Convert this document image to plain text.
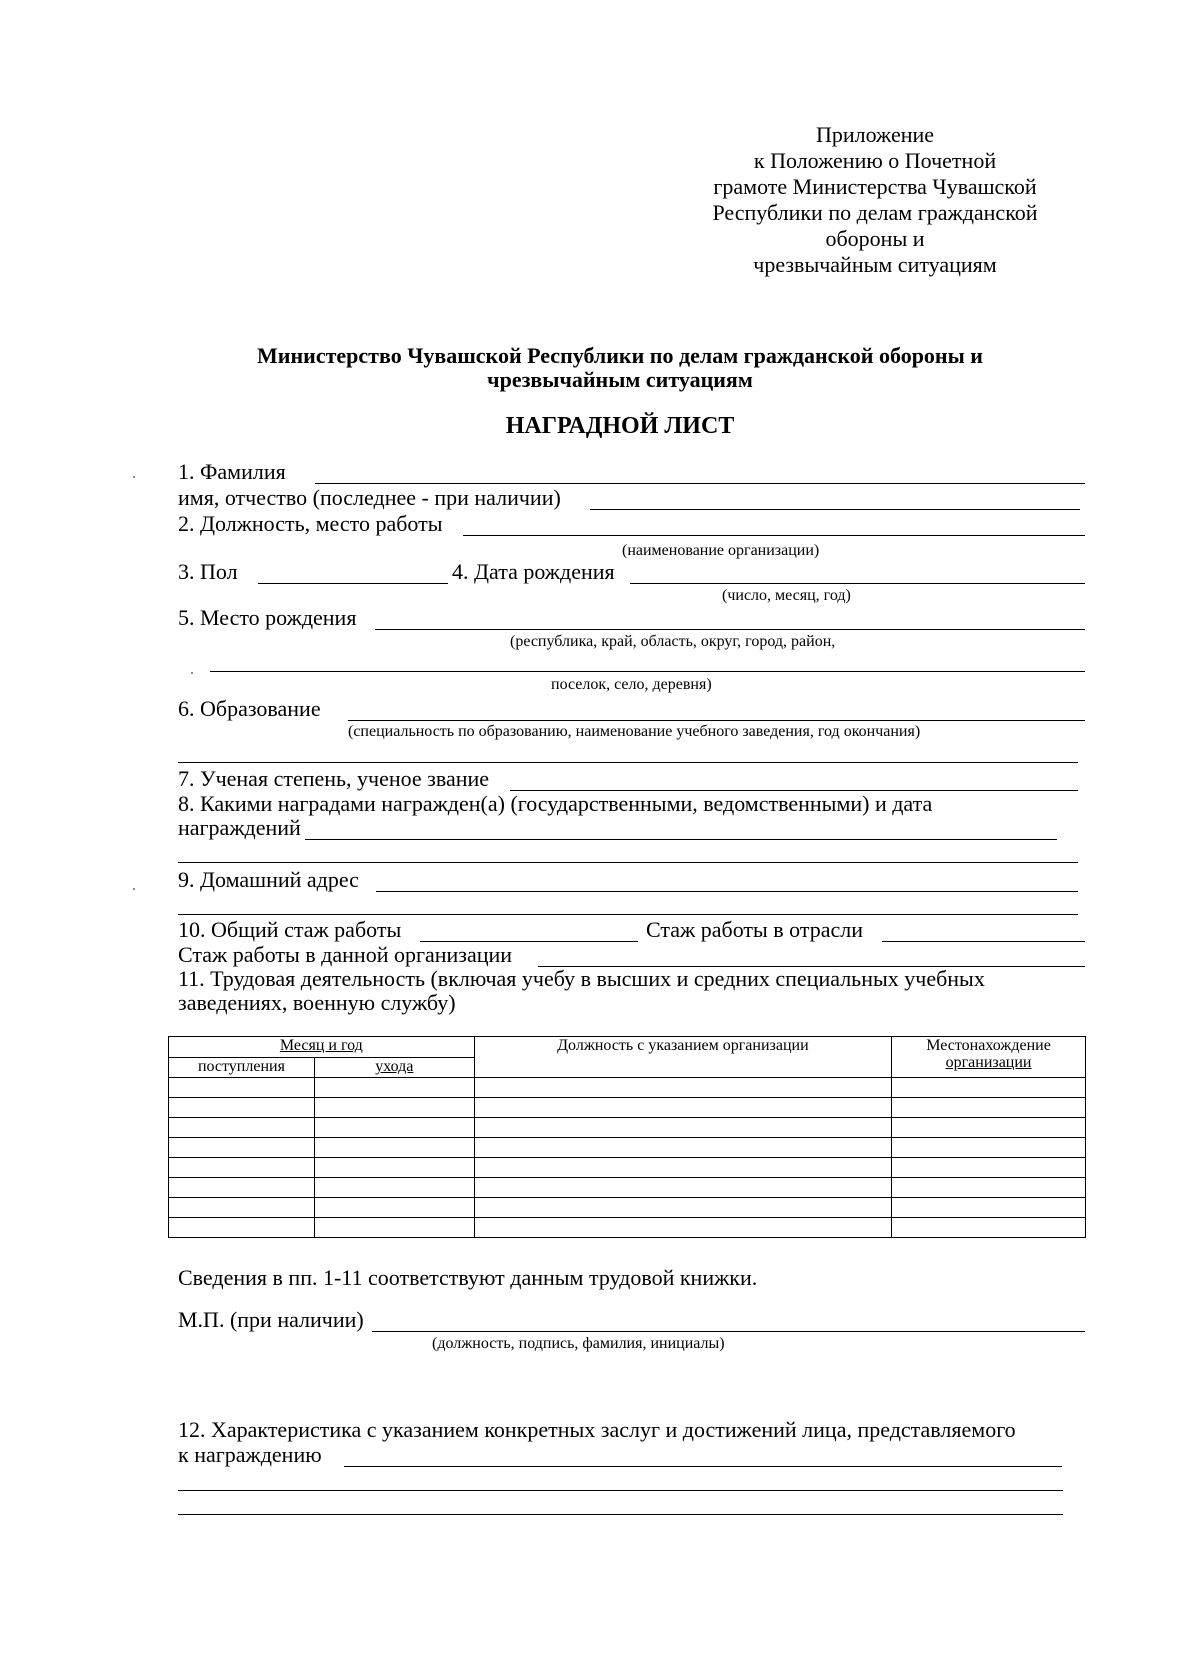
Приложение
к Положению о Почетной
грамоте Министерства Чувашской
Республики по делам гражданской
обороны и
чрезвычайным ситуациям
Министерство Чувашской Республики по делам гражданской обороны и
чрезвычайным ситуациям
НАГРАДНОЙ ЛИСТ
1. Фамилия
имя, отчество (последнее - при наличии)
2. Должность, место работы
(наименование организации)
3. Пол	4. Дата рождения
(число, месяц, год)
5. Место рождения
(республика, край, область, округ, город, район,
поселок, село, деревня)
6. Образование
(специальность по образованию, наименование учебного заведения, год окончания)
7. Ученая степень, ученое звание
8. Какими наградами награжден(а) (государственными, ведомственными) и дата
награждений
9. Домашний адрес
10. Общий стаж работы	Стаж работы в отрасли
Стаж работы в данной организации
11. Трудовая деятельность (включая учебу в высших и средних специальных учебных
заведениях, военную службу)
Месяц и год		Должность с указанием организации	Местонахождение
организации

поступления	ухода		

Сведения в пп. 1-11 соответствуют данным трудовой книжки.
М.П. (при наличии)
(должность, подпись, фамилия, инициалы)
12. Характеристика с указанием конкретных заслуг и достижений лица, представляемого
к награждению
